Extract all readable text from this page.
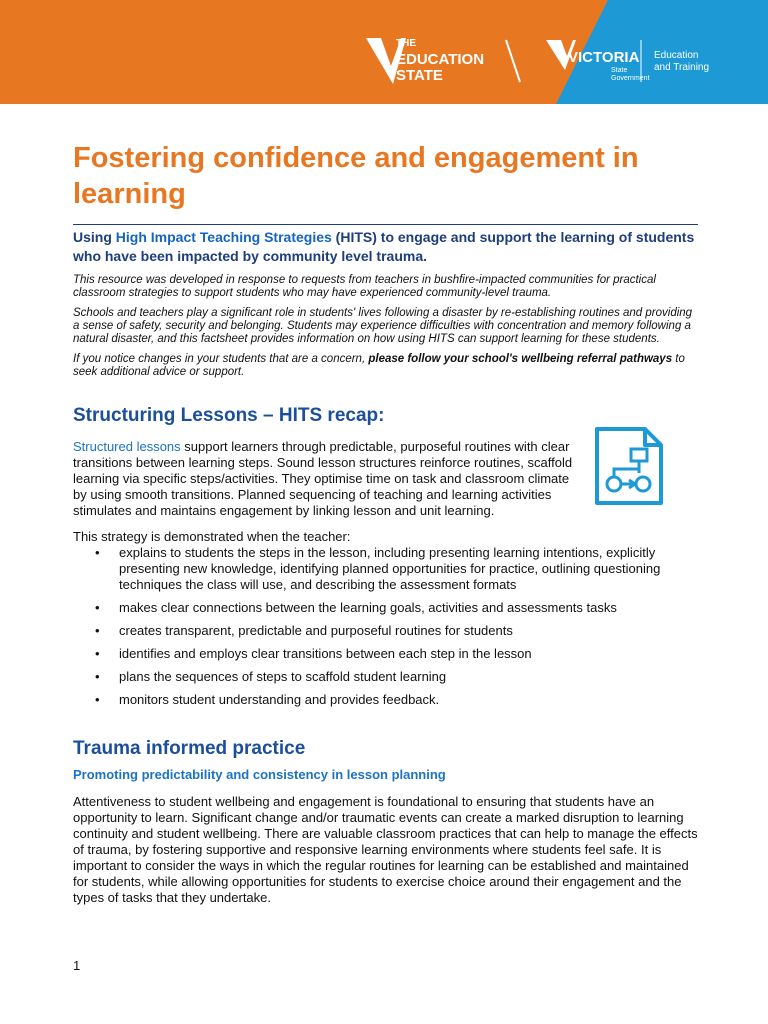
THE
EDUCATION
STATE
VICTORIA
State
Government
Education
and Training
Fostering confidence and engagement in learning
Using High Impact Teaching Strategies (HITS) to engage and support the learning of students who have been impacted by community level trauma.

This resource was developed in response to requests from teachers in bushfire-impacted communities for practical classroom strategies to support students who may have experienced community-level trauma.

Schools and teachers play a significant role in students' lives following a disaster by re-establishing routines and providing a sense of safety, security and belonging. Students may experience difficulties with concentration and memory following a natural disaster, and this factsheet provides information on how using HITS can support learning for these students.

If you notice changes in your students that are a concern, please follow your school's wellbeing referral pathways to seek additional advice or support.

Structuring Lessons – HITS recap:

Structured lessons support learners through predictable, purposeful routines with clear transitions between learning steps. Sound lesson structures reinforce routines, scaffold learning via specific steps/activities. They optimise time on task and classroom climate by using smooth transitions. Planned sequencing of teaching and learning activities stimulates and maintains engagement by linking lesson and unit learning.

This strategy is demonstrated when the teacher:

• explains to students the steps in the lesson, including presenting learning intentions, explicitly presenting new knowledge, identifying planned opportunities for practice, outlining questioning techniques the class will use, and describing the assessment formats
• makes clear connections between the learning goals, activities and assessments tasks
• creates transparent, predictable and purposeful routines for students
• identifies and employs clear transitions between each step in the lesson
• plans the sequences of steps to scaffold student learning
• monitors student understanding and provides feedback.
Trauma informed practice
Promoting predictability and consistency in lesson planning

Attentiveness to student wellbeing and engagement is foundational to ensuring that students have an opportunity to learn. Significant change and/or traumatic events can create a marked disruption to learning continuity and student wellbeing. There are valuable classroom practices that can help to manage the effects of trauma, by fostering supportive and responsive learning environments where students feel safe. It is important to consider the ways in which the regular routines for learning can be established and maintained for students, while allowing opportunities for students to exercise choice around their engagement and the types of tasks that they undertake.

1
